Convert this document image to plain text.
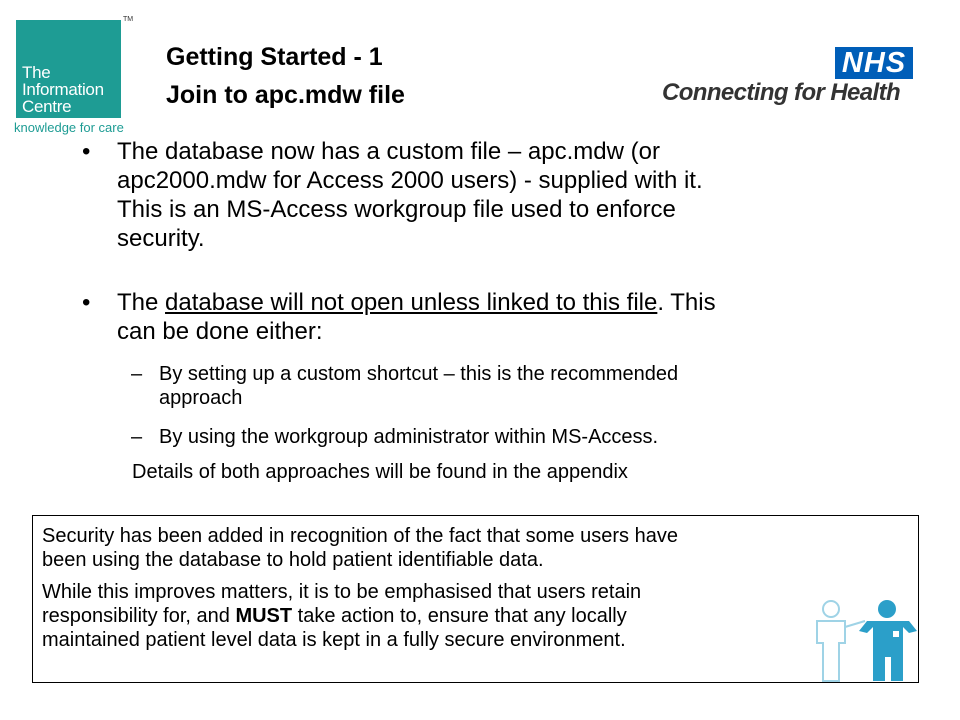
The
Information
Centre
TM
knowledge for care
Getting Started - 1
Join to apc.mdw file
NHS
Connecting for Health
• The database now has a custom file – apc.mdw (or
apc2000.mdw for Access 2000 users) - supplied with it.
This is an MS-Access workgroup file used to enforce
security.
• The database will not open unless linked to this file. This
can be done either:
– By setting up a custom shortcut – this is the recommended
approach
– By using the workgroup administrator within MS-Access.
Details of both approaches will be found in the appendix

Security has been added in recognition of the fact that some users have
been using the database to hold patient identifiable data.

While this improves matters, it is to be emphasised that users retain
responsibility for, and MUST take action to, ensure that any locally
maintained patient level data is kept in a fully secure environment.
